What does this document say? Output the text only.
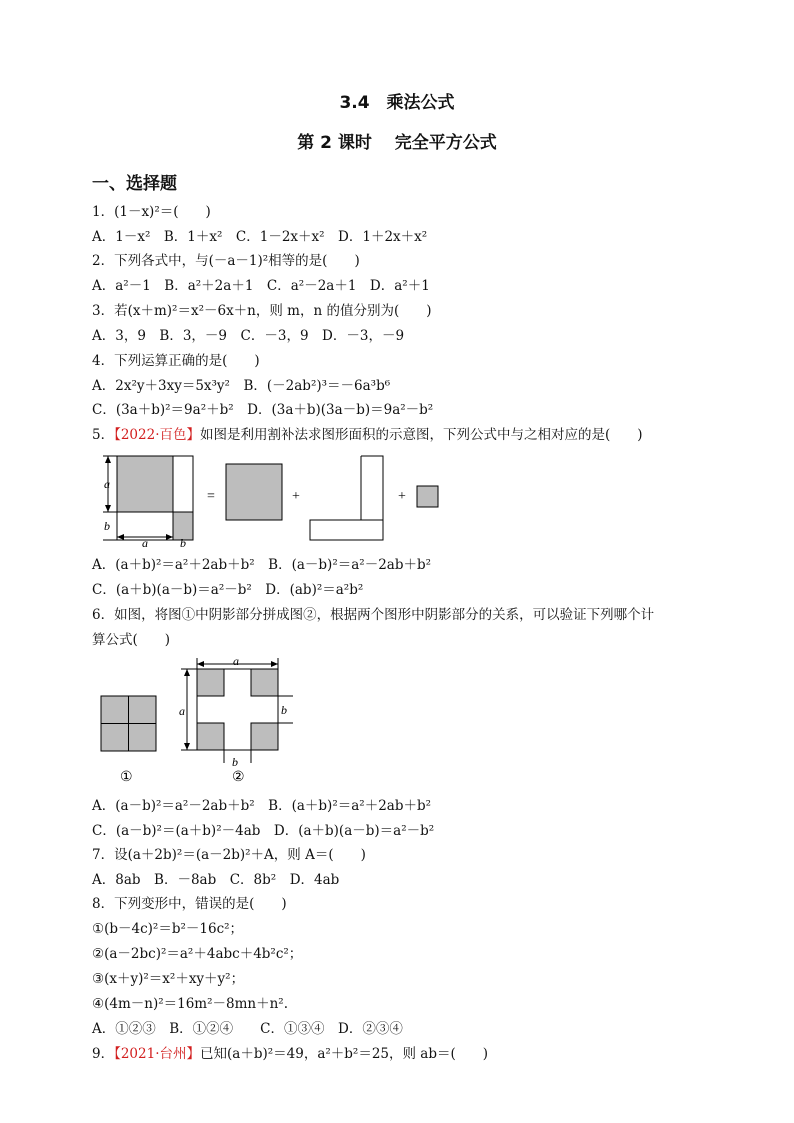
3.4　乘法公式
第 2 课时　 完全平方公式
一、选择题
1．(1－x)²＝(　　)
A．1－x²　B．1＋x²　C．1－2x＋x²　D．1＋2x＋x²
2．下列各式中，与(－a－1)²相等的是(　　)
A．a²－1　B．a²＋2a＋1　C．a²－2a＋1　D．a²＋1
3．若(x＋m)²＝x²－6x＋n，则 m，n 的值分别为(　　)
A．3，9　B．3，－9　C．－3，9　D．－3，－9
4．下列运算正确的是(　　)
A．2x²y＋3xy＝5x³y²　B．(－2ab²)³＝－6a³b⁶
C．(3a＋b)²＝9a²＋b²　D．(3a＋b)(3a－b)＝9a²－b²
5．【2022·百色】如图是利用割补法求图形面积的示意图，下列公式中与之相对应的是(　　)
a
b
a	b
=	+	+
A．(a＋b)²＝a²＋2ab＋b²　B．(a－b)²＝a²－2ab＋b²
C．(a＋b)(a－b)＝a²－b²　D．(ab)²＝a²b²
6．如图，将图①中阴影部分拼成图②，根据两个图形中阴影部分的关系，可以验证下列哪个计
算公式(　　)
①
a
a	b
b
②
A．(a－b)²＝a²－2ab＋b²　B．(a＋b)²＝a²＋2ab＋b²
C．(a－b)²＝(a＋b)²－4ab　D．(a＋b)(a－b)＝a²－b²
7．设(a＋2b)²＝(a－2b)²＋A，则 A＝(　　)
A．8ab　B．－8ab　C．8b²　D．4ab
8．下列变形中，错误的是(　　)
①(b－4c)²＝b²－16c²；
②(a－2bc)²＝a²＋4abc＋4b²c²；
③(x＋y)²＝x²＋xy＋y²；
④(4m－n)²＝16m²－8mn＋n².
A．①②③　B．①②④　　C．①③④　D．②③④
9．【2021·台州】已知(a＋b)²＝49，a²＋b²＝25，则 ab＝(　　)
